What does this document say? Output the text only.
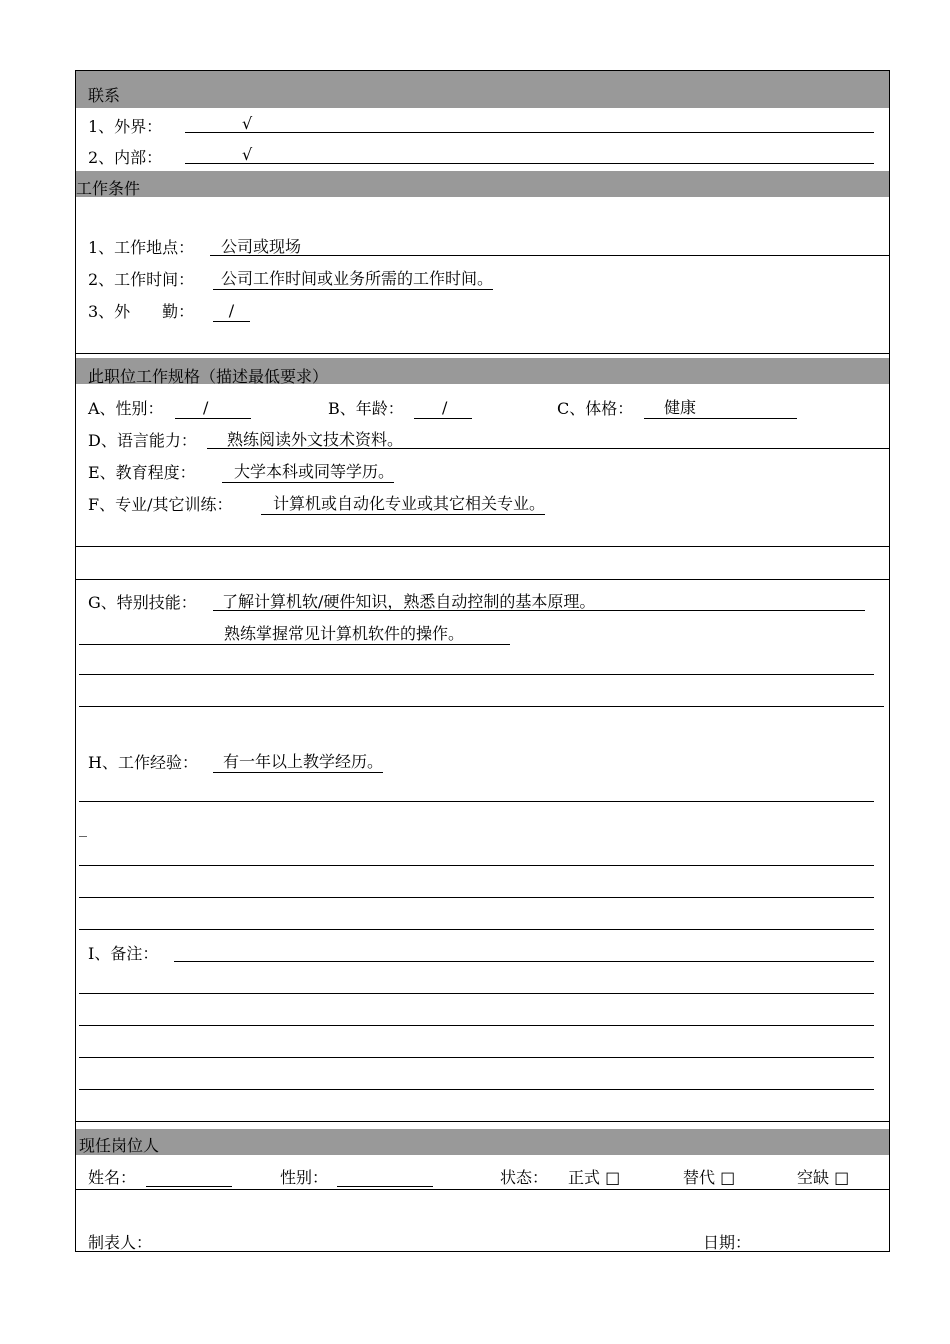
联系
1、外界：	√
2、内部：	√
工作条件
1、工作地点： 公司或现场
2、工作时间：	公司工作时间或业务所需的工作时间。
3、外　　勤：	/
此职位工作规格（描述最低要求）
A、性别：	/	B、年龄：	/	C、体格：	健康
D、语言能力： 熟练阅读外文技术资料。
E、教育程度：	大学本科或同等学历。
F、专业/其它训练：	计算机或自动化专业或其它相关专业。
G、特别技能： 了解计算机软/硬件知识，熟悉自动控制的基本原理。
熟练掌握常见计算机软件的操作。
H、工作经验：	有一年以上教学经历。
_
I、备注：
现任岗位人
姓名：	性别：	状态： 正式 □	替代 □	空缺 □
制表人：	日期：
